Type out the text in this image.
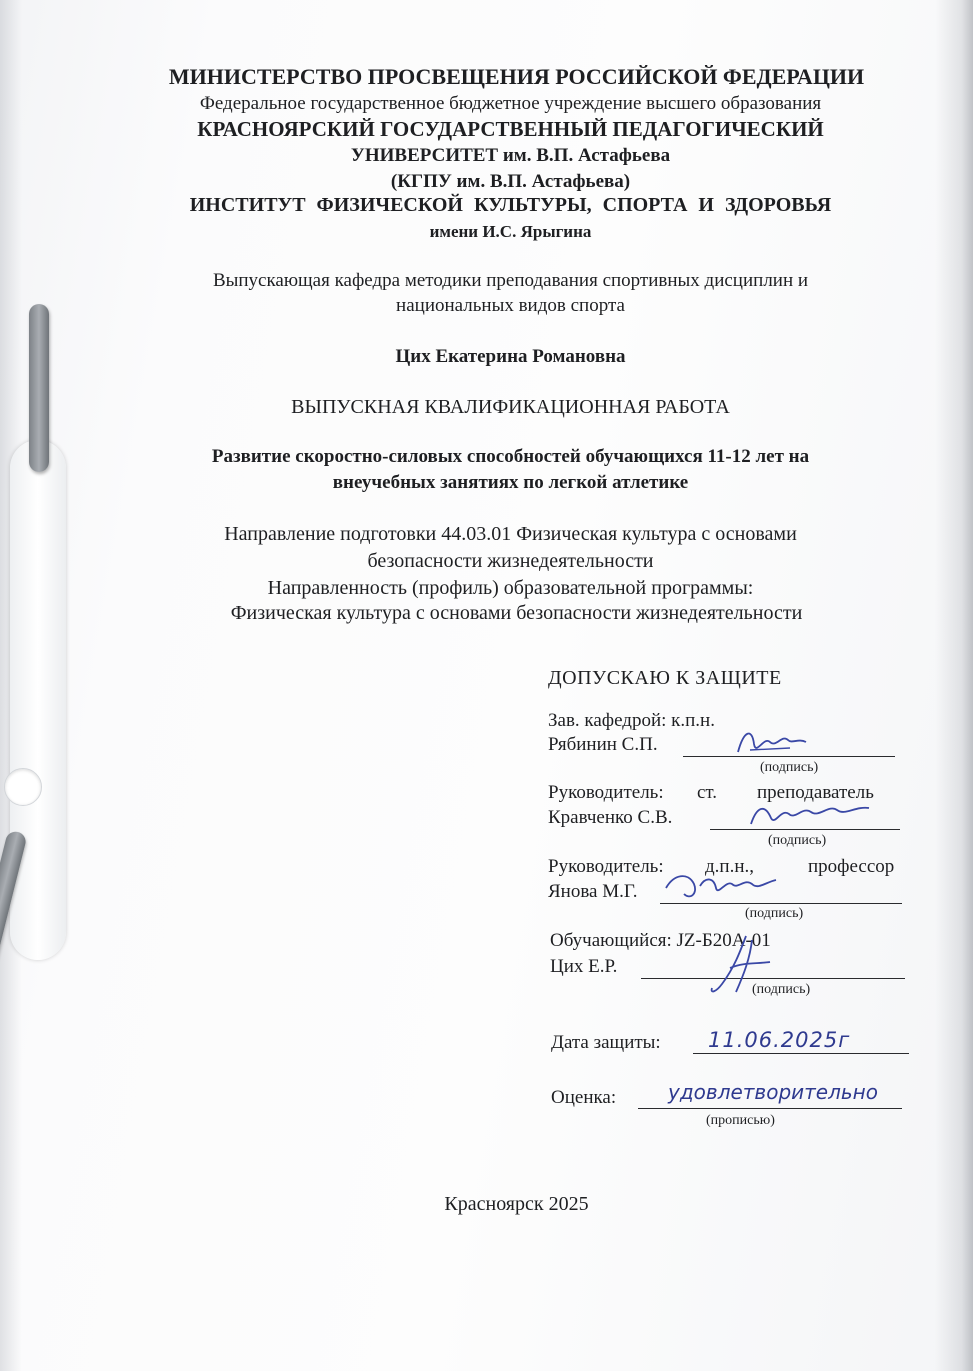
МИНИСТЕРСТВО ПРОСВЕЩЕНИЯ РОССИЙСКОЙ ФЕДЕРАЦИИ
Федеральное государственное бюджетное учреждение высшего образования
КРАСНОЯРСКИЙ ГОСУДАРСТВЕННЫЙ ПЕДАГОГИЧЕСКИЙ
УНИВЕРСИТЕТ им. В.П. Астафьева
(КГПУ им. В.П. Астафьева)
ИНСТИТУТ ФИЗИЧЕСКОЙ КУЛЬТУРЫ, СПОРТА И ЗДОРОВЬЯ
имени И.С. Ярыгина
Выпускающая кафедра методики преподавания спортивных дисциплин и
национальных видов спорта
Цих Екатерина Романовна
ВЫПУСКНАЯ КВАЛИФИКАЦИОННАЯ РАБОТА
Развитие скоростно-силовых способностей обучающихся 11-12 лет на
внеучебных занятиях по легкой атлетике
Направление подготовки 44.03.01 Физическая культура с основами
безопасности жизнедеятельности
Направленность (профиль) образовательной программы:
Физическая культура с основами безопасности жизнедеятельности
ДОПУСКАЮ К ЗАЩИТЕ
Зав. кафедрой: к.п.н.
Рябинин С.П.
(подпись)
Руководитель: ст. преподаватель
Кравченко С.В.
(подпись)
Руководитель: д.п.н.,	профессор
Янова М.Г.
(подпись)
Обучающийся: JZ-Б20А-01
Цих Е.Р.
(подпись)
Дата защиты: 11.06.2025г
Оценка:	удовлетворительно
(прописью)
Красноярск 2025
